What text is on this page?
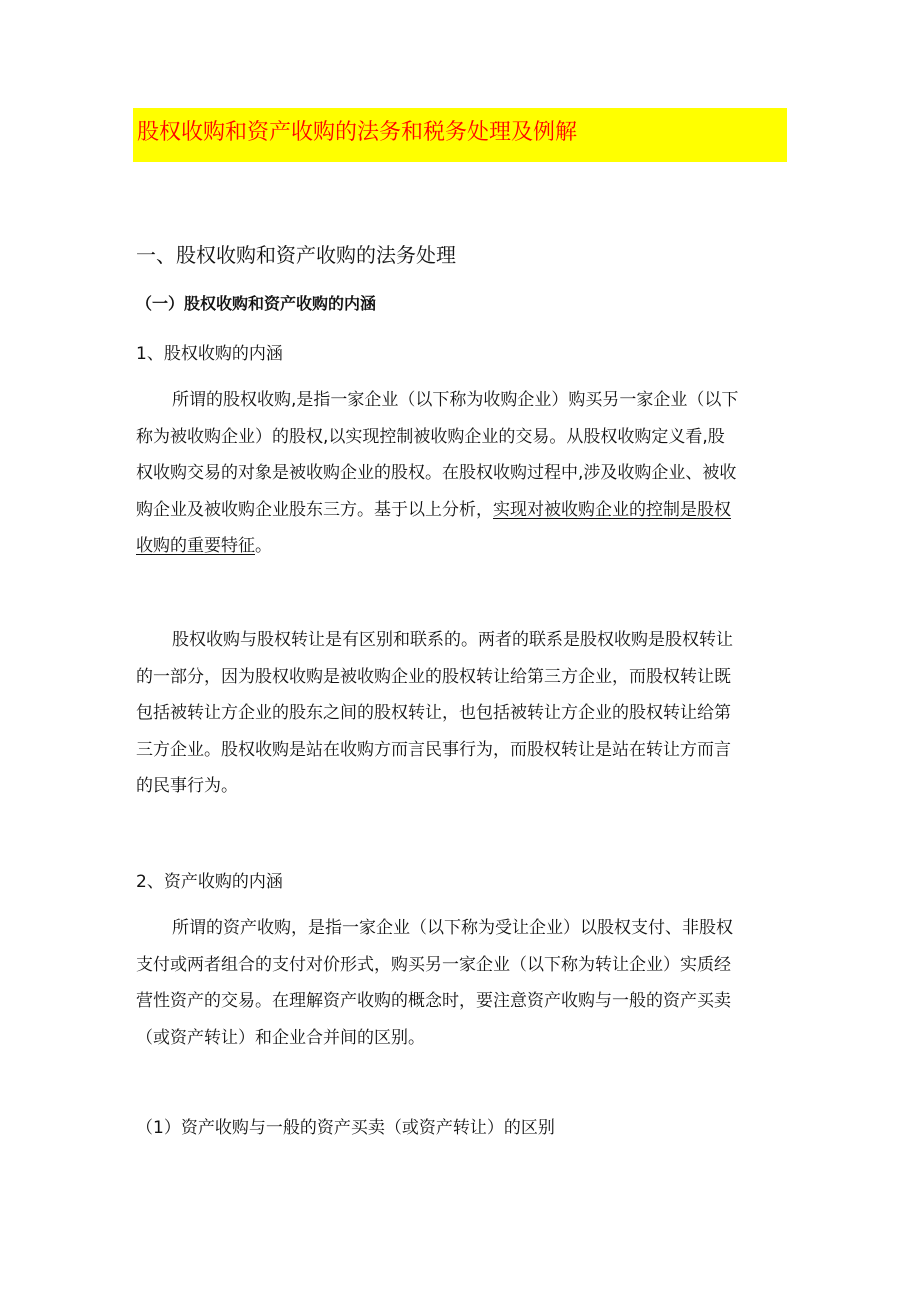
股权收购和资产收购的法务和税务处理及例解
一、股权收购和资产收购的法务处理
（一）股权收购和资产收购的内涵
1、股权收购的内涵
所谓的股权收购,是指一家企业（以下称为收购企业）购买另一家企业（以下
称为被收购企业）的股权,以实现控制被收购企业的交易。从股权收购定义看,股
权收购交易的对象是被收购企业的股权。在股权收购过程中,涉及收购企业、被收
购企业及被收购企业股东三方。基于以上分析，实现对被收购企业的控制是股权
收购的重要特征。
股权收购与股权转让是有区别和联系的。两者的联系是股权收购是股权转让
的一部分，因为股权收购是被收购企业的股权转让给第三方企业，而股权转让既
包括被转让方企业的股东之间的股权转让，也包括被转让方企业的股权转让给第
三方企业。股权收购是站在收购方而言民事行为，而股权转让是站在转让方而言
的民事行为。
2、资产收购的内涵
所谓的资产收购，是指一家企业（以下称为受让企业）以股权支付、非股权
支付或两者组合的支付对价形式，购买另一家企业（以下称为转让企业）实质经
营性资产的交易。在理解资产收购的概念时，要注意资产收购与一般的资产买卖
（或资产转让）和企业合并间的区别。
（1）资产收购与一般的资产买卖（或资产转让）的区别
